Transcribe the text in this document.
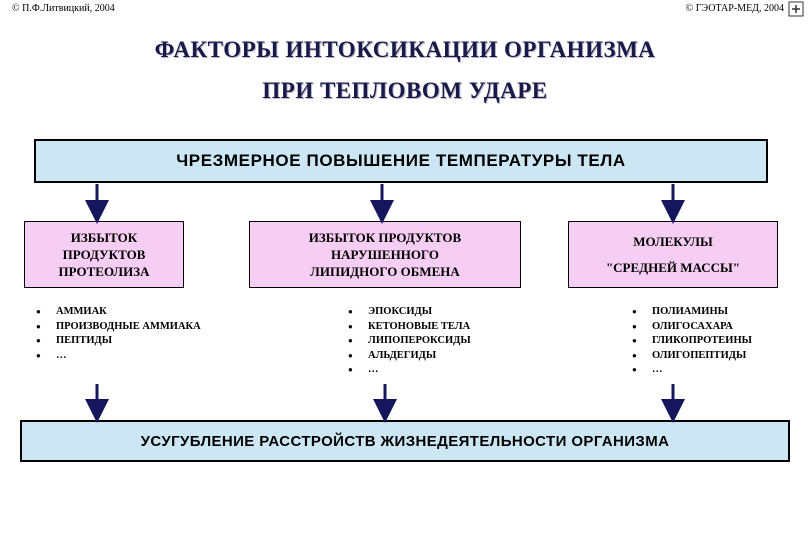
© П.Ф.Литвицкий, 2004	© ГЭОТАР-МЕД, 2004
ФАКТОРЫ ИНТОКСИКАЦИИ ОРГАНИЗМА
ПРИ ТЕПЛОВОМ УДАРЕ
ЧРЕЗМЕРНОЕ ПОВЫШЕНИЕ ТЕМПЕРАТУРЫ ТЕЛА
ИЗБЫТОК
ПРОДУКТОВ
ПРОТЕОЛИЗА
ИЗБЫТОК ПРОДУКТОВ
НАРУШЕННОГО
ЛИПИДНОГО ОБМЕНА
МОЛЕКУЛЫ
"СРЕДНЕЙ МАССЫ"
● АММИАК
● ПРОИЗВОДНЫЕ АММИАКА
● ПЕПТИДЫ
● …
● ЭПОКСИДЫ
● КЕТОНОВЫЕ ТЕЛА
● ЛИПОПЕРОКСИДЫ
● АЛЬДЕГИДЫ
● …
● ПОЛИАМИНЫ
● ОЛИГОСАХАРА
● ГЛИКОПРОТЕИНЫ
● ОЛИГОПЕПТИДЫ
● …
УСУГУБЛЕНИЕ РАССТРОЙСТВ ЖИЗНЕДЕЯТЕЛЬНОСТИ ОРГАНИЗМА
